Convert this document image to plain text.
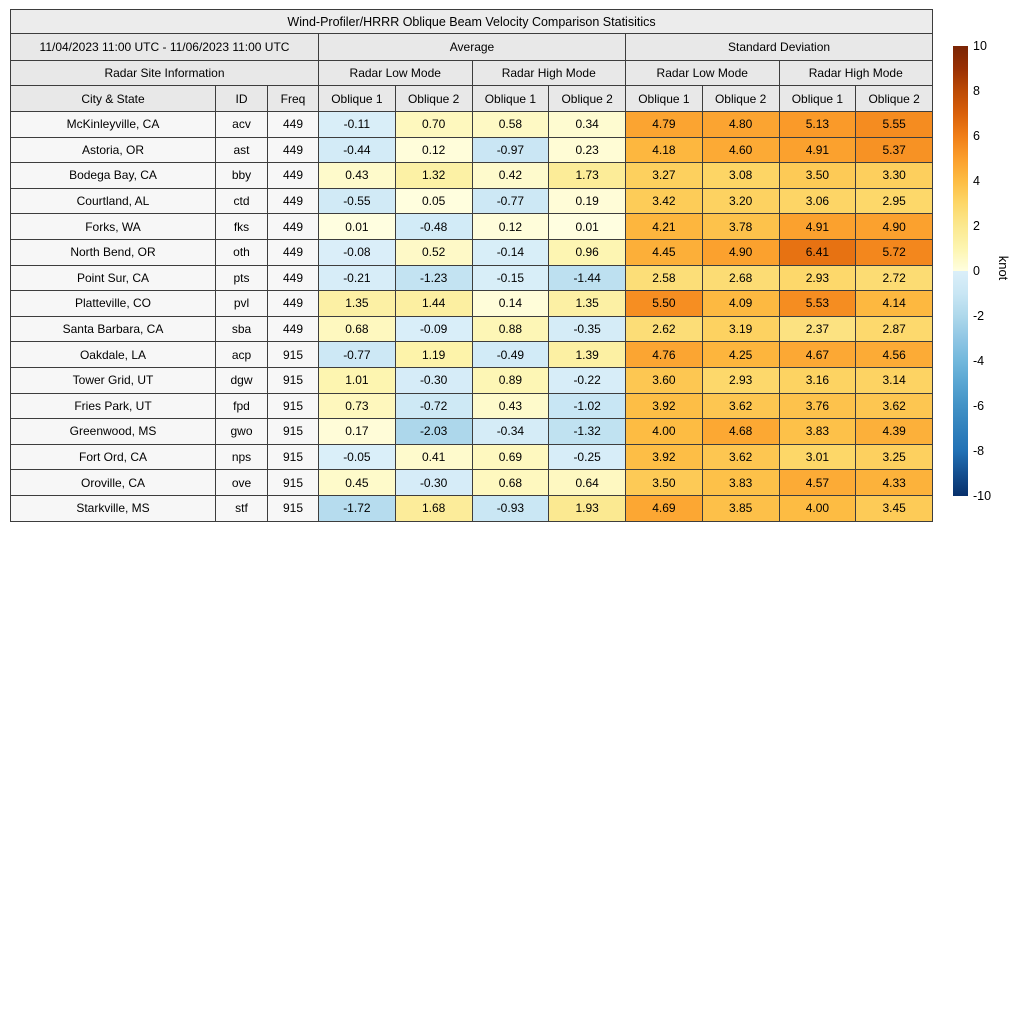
Wind-Profiler/HRRR Oblique Beam Velocity Comparison Statisitics										
11/04/2023 11:00 UTC - 11/06/2023 11:00 UTC			Average				Standard Deviation			
Radar Site Information			Radar Low Mode		Radar High Mode		Radar Low Mode		Radar High Mode	
City & State	ID	Freq	Oblique 1	Oblique 2	Oblique 1	Oblique 2	Oblique 1	Oblique 2	Oblique 1	Oblique 2
McKinleyville, CA	acv	449	-0.11	0.70	0.58	0.34	4.79	4.80	5.13	5.55
Astoria, OR	ast	449	-0.44	0.12	-0.97	0.23	4.18	4.60	4.91	5.37
Bodega Bay, CA	bby	449	0.43	1.32	0.42	1.73	3.27	3.08	3.50	3.30
Courtland, AL	ctd	449	-0.55	0.05	-0.77	0.19	3.42	3.20	3.06	2.95
Forks, WA	fks	449	0.01	-0.48	0.12	0.01	4.21	3.78	4.91	4.90
North Bend, OR	oth	449	-0.08	0.52	-0.14	0.96	4.45	4.90	6.41	5.72
Point Sur, CA	pts	449	-0.21	-1.23	-0.15	-1.44	2.58	2.68	2.93	2.72
Platteville, CO	pvl	449	1.35	1.44	0.14	1.35	5.50	4.09	5.53	4.14
Santa Barbara, CA	sba	449	0.68	-0.09	0.88	-0.35	2.62	3.19	2.37	2.87
Oakdale, LA	acp	915	-0.77	1.19	-0.49	1.39	4.76	4.25	4.67	4.56
Tower Grid, UT	dgw	915	1.01	-0.30	0.89	-0.22	3.60	2.93	3.16	3.14
Fries Park, UT	fpd	915	0.73	-0.72	0.43	-1.02	3.92	3.62	3.76	3.62
Greenwood, MS	gwo	915	0.17	-2.03	-0.34	-1.32	4.00	4.68	3.83	4.39
Fort Ord, CA	nps	915	-0.05	0.41	0.69	-0.25	3.92	3.62	3.01	3.25
Oroville, CA	ove	915	0.45	-0.30	0.68	0.64	3.50	3.83	4.57	4.33
Starkville, MS	stf	915	-1.72	1.68	-0.93	1.93	4.69	3.85	4.00	3.45
10
8
6
4
2
0
-2
-4
-6
-8
-10
knot
